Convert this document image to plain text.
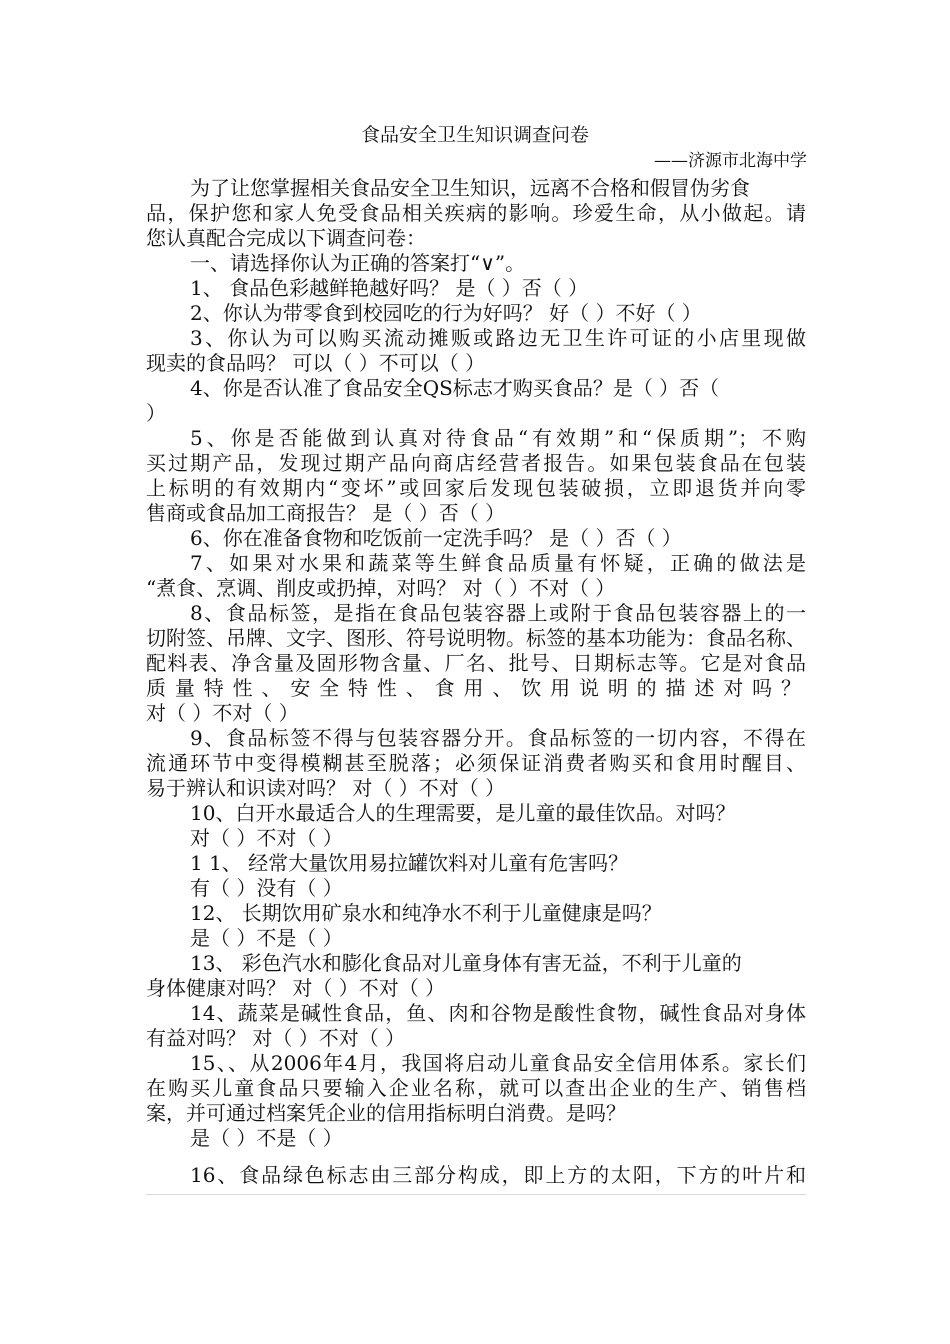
食品安全卫生知识调查问卷
——济源市北海中学
为了让您掌握相关食品安全卫生知识，远离不合格和假冒伪劣食
品，保护您和家人免受食品相关疾病的影响。珍爱生命，从小做起。请
您认真配合完成以下调查问卷：
一、请选择你认为正确的答案打“∨”。
1、 食品色彩越鲜艳越好吗？ 是（ ）否（ ）
2、你认为带零食到校园吃的行为好吗？ 好（ ）不好（ ）
3、你认为可以购买流动摊贩或路边无卫生许可证的小店里现做
现卖的食品吗？ 可以（ ）不可以（ ）
4、你是否认准了食品安全QS标志才购买食品？是（ ）否（
）
5、你是否能做到认真对待食品“有效期”和“保质期”；不购
买过期产品，发现过期产品向商店经营者报告。如果包装食品在包装
上标明的有效期内“变坏”或回家后发现包装破损，立即退货并向零
售商或食品加工商报告？ 是（ ）否（ ）
6、你在准备食物和吃饭前一定洗手吗？ 是（ ）否（ ）
7、如果对水果和蔬菜等生鲜食品质量有怀疑，正确的做法是
“煮食、烹调、削皮或扔掉，对吗？ 对（ ）不对（ ）
8、食品标签，是指在食品包装容器上或附于食品包装容器上的一
切附签、吊牌、文字、图形、符号说明物。标签的基本功能为：食品名称、
配料表、净含量及固形物含量、厂名、批号、日期标志等。它是对食品
质量特性、安全特性、食用、饮用说明的描述对吗？
对（ ）不对（ ）
9、食品标签不得与包装容器分开。食品标签的一切内容，不得在
流通环节中变得模糊甚至脱落；必须保证消费者购买和食用时醒目、
易于辨认和识读对吗？ 对（ ）不对（ ）
10、白开水最适合人的生理需要，是儿童的最佳饮品。对吗？
对（ ）不对（ ）
1 1、 经常大量饮用易拉罐饮料对儿童有危害吗？
有（ ）没有（ ）
12、 长期饮用矿泉水和纯净水不利于儿童健康是吗？
是（ ）不是（ ）
13、 彩色汽水和膨化食品对儿童身体有害无益，不利于儿童的
身体健康对吗？ 对（ ）不对（ ）
14、蔬菜是碱性食品，鱼、肉和谷物是酸性食物，碱性食品对身体
有益对吗？ 对（ ）不对（ ）
15、、从2006年4月，我国将启动儿童食品安全信用体系。家长们
在购买儿童食品只要输入企业名称，就可以查出企业的生产、销售档
案，并可通过档案凭企业的信用指标明白消费。是吗？
是（ ）不是（ ）
16、食品绿色标志由三部分构成，即上方的太阳，下方的叶片和
